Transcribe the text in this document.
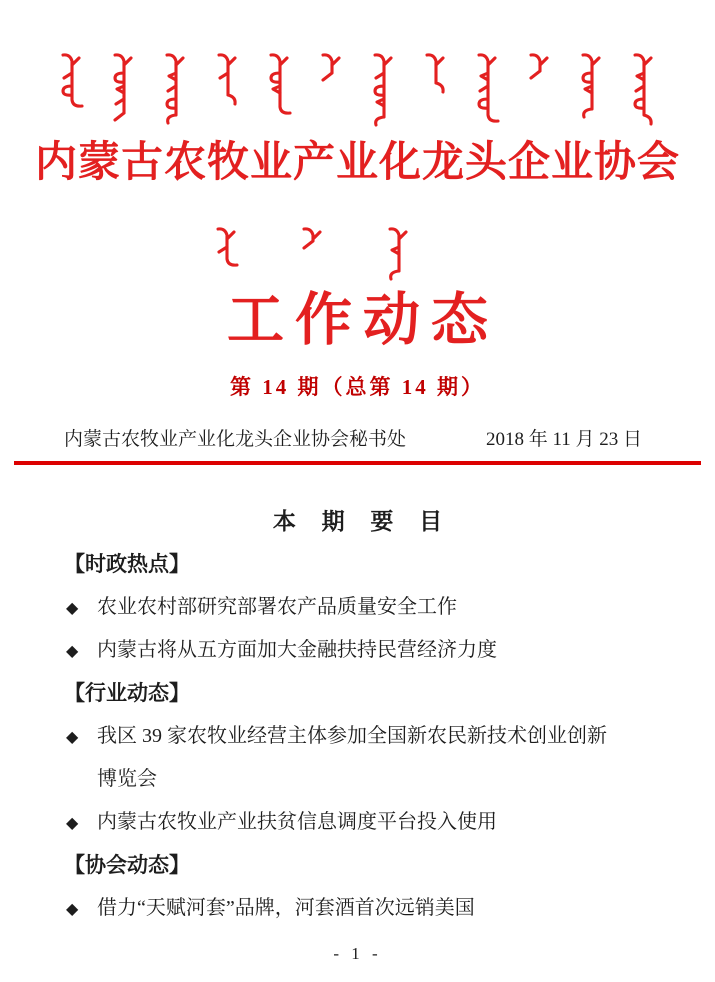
内蒙古农牧业产业化龙头企业协会
工作动态
第 14 期（总第 14 期）
内蒙古农牧业产业化龙头企业协会秘书处	2018 年 11 月 23 日
本 期 要 目
【时政热点】
◆ 农业农村部研究部署农产品质量安全工作
◆ 内蒙古将从五方面加大金融扶持民营经济力度
【行业动态】
◆ 我区 39 家农牧业经营主体参加全国新农民新技术创业创新博览会
◆ 内蒙古农牧业产业扶贫信息调度平台投入使用
【协会动态】
◆ 借力“天赋河套”品牌，河套酒首次远销美国
- 1 -
